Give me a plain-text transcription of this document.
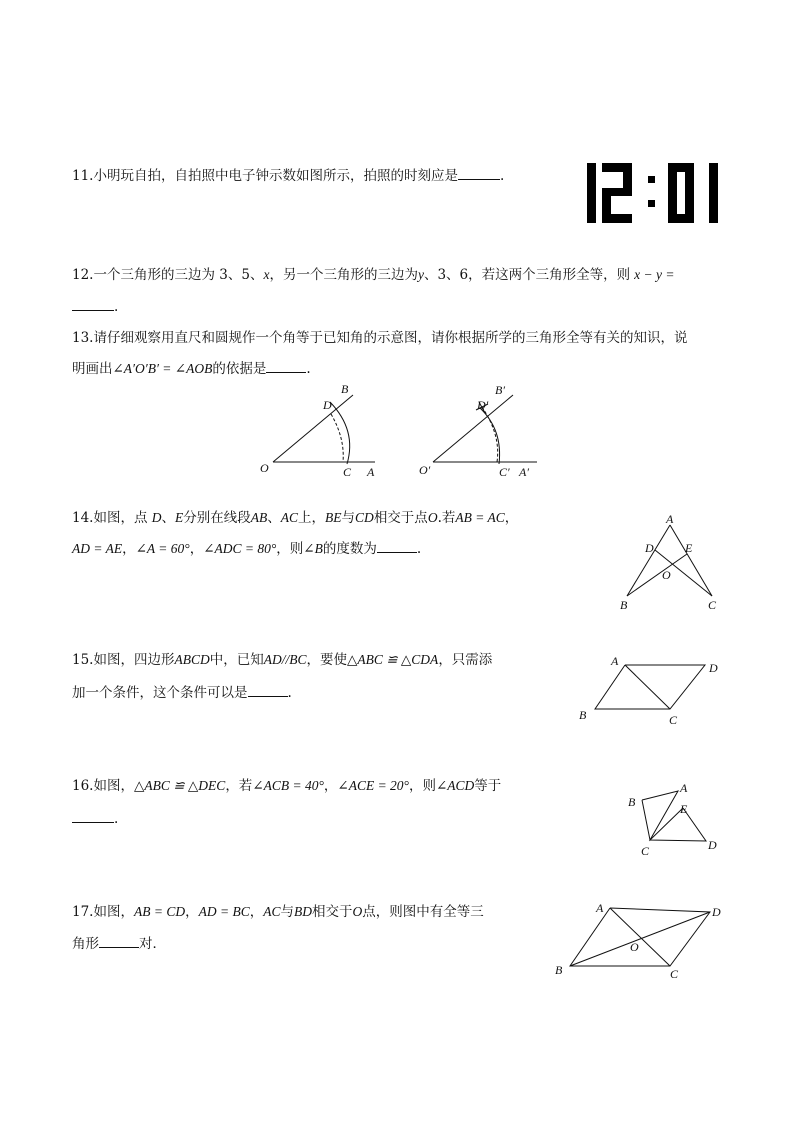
11.小明玩自拍，自拍照中电子钟示数如图所示，拍照的时刻应是	.
12.一个三角形的三边为 3、5、x，另一个三角形的三边为y、3、6，若这两个三角形全等，则 x − y =
.
13.请仔细观察用直尺和圆规作一个角等于已知角的示意图，请你根据所学的三角形全等有关的知识，说
明画出∠A′O′B′ = ∠AOB的依据是	.
B
D
O	C A
B′
D′
O′	C′ A′
14.如图，点 D、E分别在线段AB、AC上，BE与CD相交于点O.若AB = AC，
AD = AE，∠A = 60°，∠ADC = 80°，则∠B的度数为	.
A
D	E
O
B	C
15.如图，四边形ABCD中，已知AD//BC，要使△ABC ≌ △CDA，只需添
加一个条件，这个条件可以是	.
A	D
B	C
16.如图，△ABC ≌ △DEC，若∠ACB = 40°，∠ACE = 20°，则∠ACD等于
.
A
B	E
C	D
17.如图，AB = CD，AD = BC，AC与BD相交于O点，则图中有全等三
角形	对．
A	D
O
B	C
